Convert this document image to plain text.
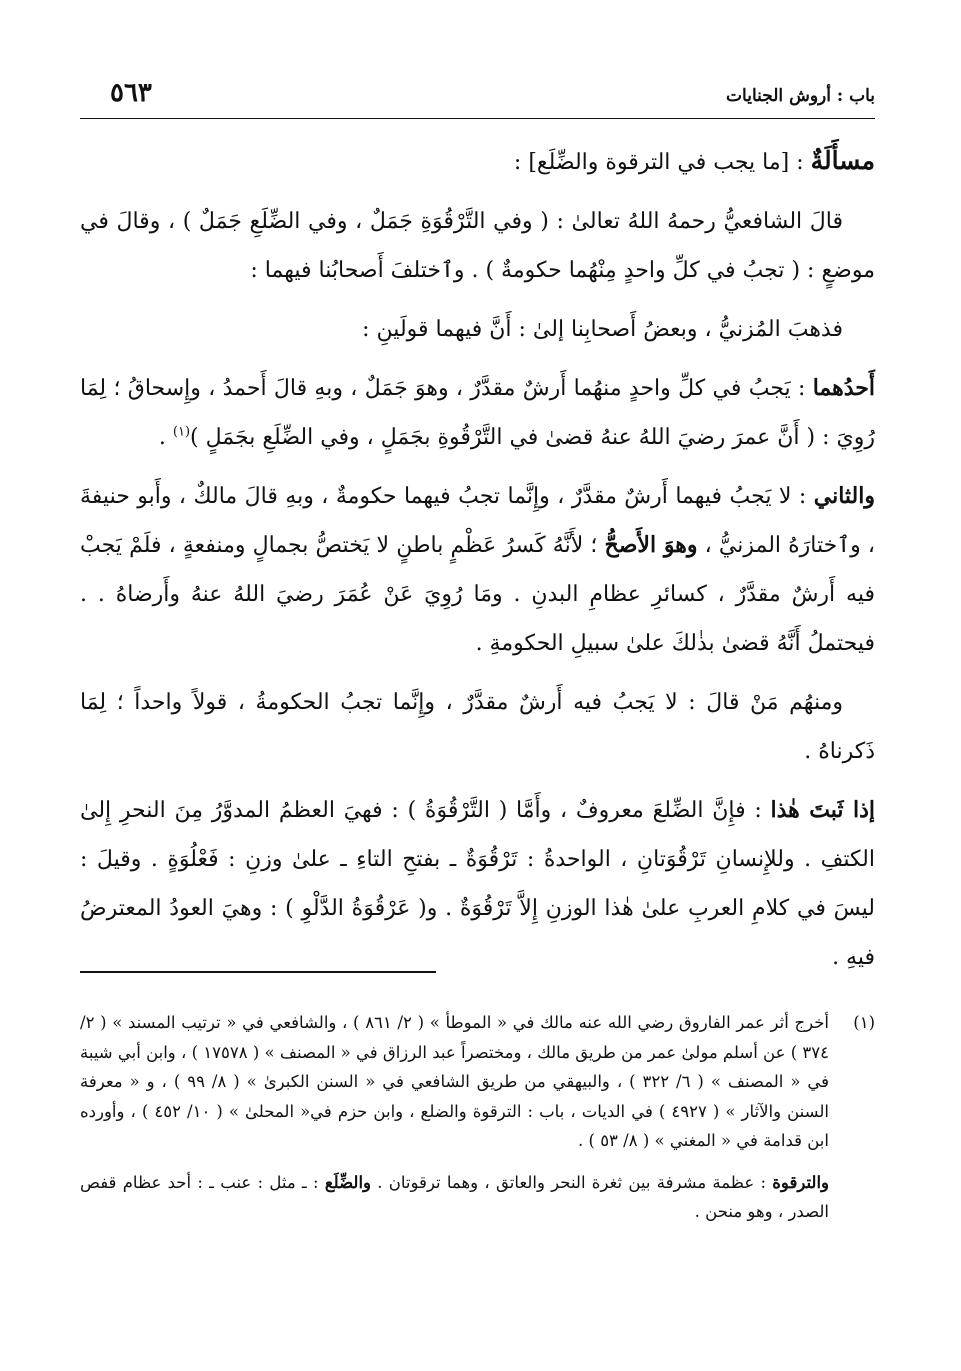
باب : أروش الجنايات
٥٦٣

مسأَلَةٌ : [ما يجب في الترقوة والضِّلَع] :

قالَ الشافعيُّ رحمهُ اللهُ تعالىٰ : ( وفي التَّرْقُوَةِ جَمَلٌ ، وفي الضِّلَعِ جَمَلٌ ) ، وقالَ في موضعٍ : ( تجبُ في كلِّ واحدٍ مِنْهُما حكومةٌ ) . وٱختلفَ أَصحابُنا فيهما :

فذهبَ المُزنيُّ ، وبعضُ أَصحابِنا إلىٰ : أَنَّ فيهما قولَينِ :

أَحدُهما : يَجبُ في كلِّ واحدٍ منهُما أَرشٌ مقدَّرٌ ، وهوَ جَمَلٌ ، وبهِ قالَ أَحمدُ ، وإِسحاقُ ؛ لِمَا رُوِيَ : ( أَنَّ عمرَ رضيَ اللهُ عنهُ قضىٰ في التَّرْقُوةِ بجَمَلٍ ، وفي الضِّلَعِ بجَمَلٍ )$^{(١)}$ .

والثاني : لا يَجبُ فيهما أَرشٌ مقدَّرٌ ، وإِنَّما تجبُ فيهما حكومةٌ ، وبهِ قالَ مالكٌ ، وأَبو حنيفةَ ، وٱختارَهُ المزنيُّ ، وهوَ الأَصحُّ ؛ لأَنَّهُ كَسرُ عَظْمٍ باطنٍ لا يَختصُّ بجمالٍ ومنفعةٍ ، فلَمْ يَجبْ فيه أَرشٌ مقدَّرٌ ، كسائرِ عظامِ البدنِ . ومَا رُوِيَ عَنْ عُمَرَ رضيَ اللهُ عنهُ وأَرضاهُ . . فيحتملُ أَنَّهُ قضىٰ بذٰلكَ علىٰ سبيلِ الحكومةِ .

ومنهُم مَنْ قالَ : لا يَجبُ فيه أَرشٌ مقدَّرٌ ، وإِنَّما تجبُ الحكومةُ ، قولاً واحداً ؛ لِمَا ذَكرناهُ .

إذا ثَبتَ هٰذا : فإِنَّ الضِّلعَ معروفٌ ، وأَمَّا ( التَّرْقُوَةُ ) : فهيَ العظمُ المدوَّرُ مِنَ النحرِ إِلىٰ الكتفِ . وللإِنسانِ تَرْقُوَتانِ ، الواحدةُ : تَرْقُوَةٌ ـ بفتحِ التاءِ ـ علىٰ وزنِ : فَعْلُوَةٍ . وقيلَ : ليسَ في كلامِ العربِ علىٰ هٰذا الوزنِ إِلاَّ تَرْقُوَةٌ . و( عَرْقُوَةُ الدَّلْوِ ) : وهيَ العودُ المعترضُ فيهِ .

(١)
أخرج أثر عمر الفاروق رضي الله عنه مالك في « الموطأ » ( ٢/ ٨٦١ ) ، والشافعي في « ترتيب المسند » ( ٢/ ٣٧٤ ) عن أسلم مولىٰ عمر من طريق مالك ، ومختصراً عبد الرزاق في « المصنف » ( ١٧٥٧٨ ) ، وابن أبي شيبة في « المصنف » ( ٦/ ٣٢٢ ) ، والبيهقي من طريق الشافعي في « السنن الكبرىٰ » ( ٨/ ٩٩ ) ، و « معرفة السنن والآثار » ( ٤٩٢٧ ) في الديات ، باب : الترقوة والضلع ، وابن حزم في« المحلىٰ » ( ١٠/ ٤٥٢ ) ، وأورده ابن قدامة في « المغني » ( ٨/ ٥٣ ) .
والترقوة : عظمة مشرفة بين ثغرة النحر والعاتق ، وهما ترقوتان . والضِّلَع : ـ مثل : عنب ـ : أحد عظام قفص الصدر ، وهو منحن .
